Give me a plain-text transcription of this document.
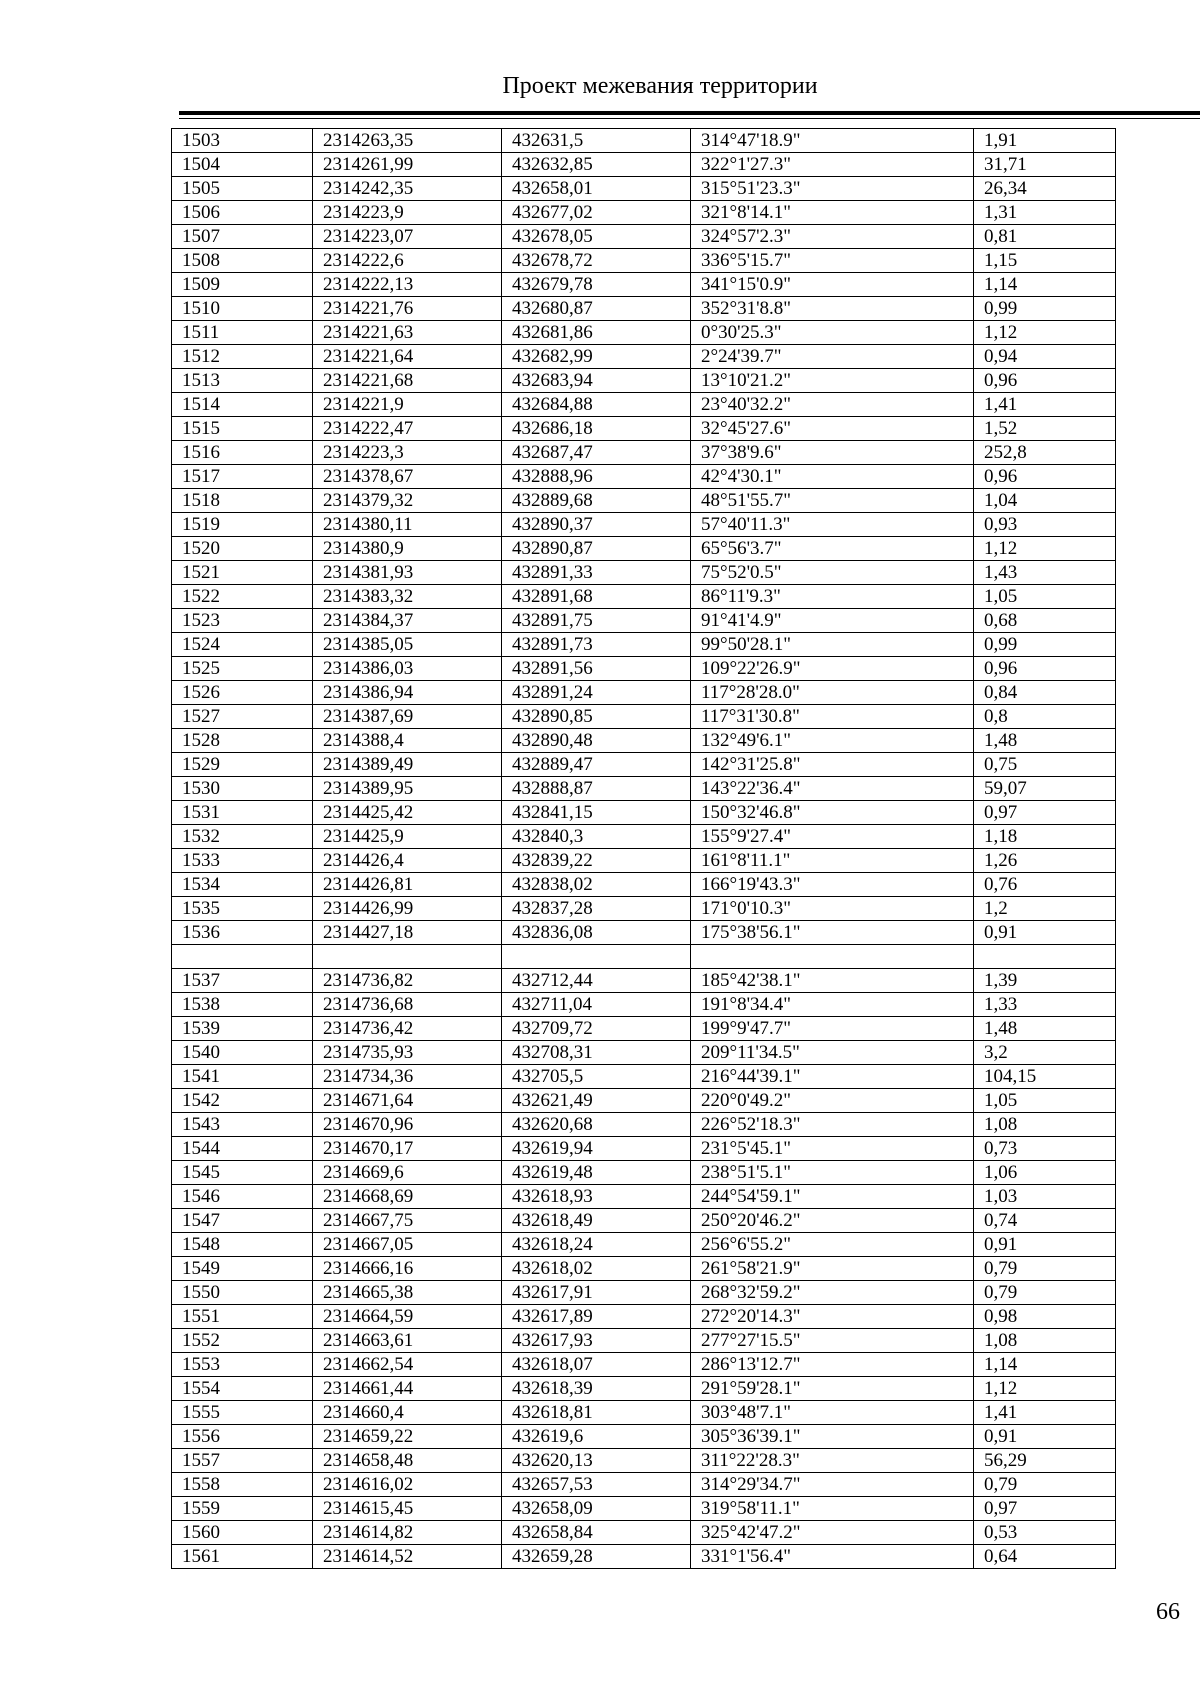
Проект межевания территории
1503	2314263,35	432631,5	314°47'18.9"	1,91
1504	2314261,99	432632,85	322°1'27.3"	31,71
1505	2314242,35	432658,01	315°51'23.3"	26,34
1506	2314223,9	432677,02	321°8'14.1"	1,31
1507	2314223,07	432678,05	324°57'2.3"	0,81
1508	2314222,6	432678,72	336°5'15.7"	1,15
1509	2314222,13	432679,78	341°15'0.9"	1,14
1510	2314221,76	432680,87	352°31'8.8"	0,99
1511	2314221,63	432681,86	0°30'25.3"	1,12
1512	2314221,64	432682,99	2°24'39.7"	0,94
1513	2314221,68	432683,94	13°10'21.2"	0,96
1514	2314221,9	432684,88	23°40'32.2"	1,41
1515	2314222,47	432686,18	32°45'27.6"	1,52
1516	2314223,3	432687,47	37°38'9.6"	252,8
1517	2314378,67	432888,96	42°4'30.1"	0,96
1518	2314379,32	432889,68	48°51'55.7"	1,04
1519	2314380,11	432890,37	57°40'11.3"	0,93
1520	2314380,9	432890,87	65°56'3.7"	1,12
1521	2314381,93	432891,33	75°52'0.5"	1,43
1522	2314383,32	432891,68	86°11'9.3"	1,05
1523	2314384,37	432891,75	91°41'4.9"	0,68
1524	2314385,05	432891,73	99°50'28.1"	0,99
1525	2314386,03	432891,56	109°22'26.9"	0,96
1526	2314386,94	432891,24	117°28'28.0"	0,84
1527	2314387,69	432890,85	117°31'30.8"	0,8
1528	2314388,4	432890,48	132°49'6.1"	1,48
1529	2314389,49	432889,47	142°31'25.8"	0,75
1530	2314389,95	432888,87	143°22'36.4"	59,07
1531	2314425,42	432841,15	150°32'46.8"	0,97
1532	2314425,9	432840,3	155°9'27.4"	1,18
1533	2314426,4	432839,22	161°8'11.1"	1,26
1534	2314426,81	432838,02	166°19'43.3"	0,76
1535	2314426,99	432837,28	171°0'10.3"	1,2
1536	2314427,18	432836,08	175°38'56.1"	0,91

1537	2314736,82	432712,44	185°42'38.1"	1,39
1538	2314736,68	432711,04	191°8'34.4"	1,33
1539	2314736,42	432709,72	199°9'47.7"	1,48
1540	2314735,93	432708,31	209°11'34.5"	3,2
1541	2314734,36	432705,5	216°44'39.1"	104,15
1542	2314671,64	432621,49	220°0'49.2"	1,05
1543	2314670,96	432620,68	226°52'18.3"	1,08
1544	2314670,17	432619,94	231°5'45.1"	0,73
1545	2314669,6	432619,48	238°51'5.1"	1,06
1546	2314668,69	432618,93	244°54'59.1"	1,03
1547	2314667,75	432618,49	250°20'46.2"	0,74
1548	2314667,05	432618,24	256°6'55.2"	0,91
1549	2314666,16	432618,02	261°58'21.9"	0,79
1550	2314665,38	432617,91	268°32'59.2"	0,79
1551	2314664,59	432617,89	272°20'14.3"	0,98
1552	2314663,61	432617,93	277°27'15.5"	1,08
1553	2314662,54	432618,07	286°13'12.7"	1,14
1554	2314661,44	432618,39	291°59'28.1"	1,12
1555	2314660,4	432618,81	303°48'7.1"	1,41
1556	2314659,22	432619,6	305°36'39.1"	0,91
1557	2314658,48	432620,13	311°22'28.3"	56,29
1558	2314616,02	432657,53	314°29'34.7"	0,79
1559	2314615,45	432658,09	319°58'11.1"	0,97
1560	2314614,82	432658,84	325°42'47.2"	0,53
1561	2314614,52	432659,28	331°1'56.4"	0,64
66
